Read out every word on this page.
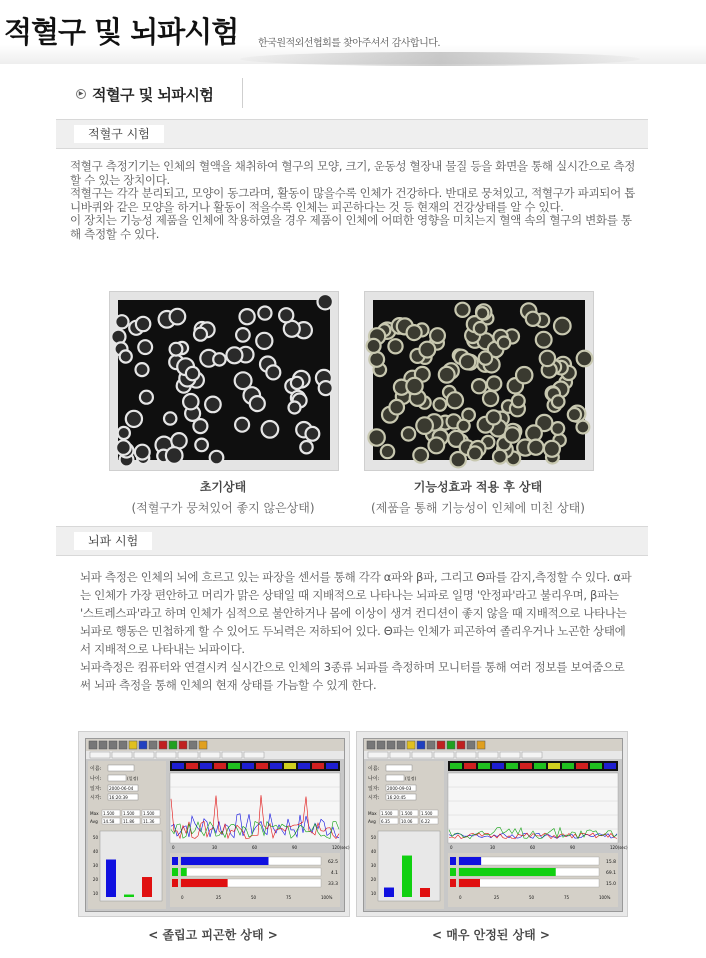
적혈구 및 뇌파시험 한국원적외선협회를 찾아주셔서 감사합니다.
▶ 적혈구 및 뇌파시험
적혈구 시험
적혈구 측정기기는 인체의 혈액을 채취하여 혈구의 모양, 크기, 운동성 혈장내 물질 등을 화면을 통해 실시간으로 측정할 수 있는 장치이다.
적혈구는 각각 분리되고, 모양이 동그라며, 활동이 많을수록 인체가 건강하다. 반대로 뭉쳐있고, 적혈구가 파괴되어 톱니바퀴와 같은 모양을 하거나 활동이 적을수록 인체는 피곤하다는 것 등 현재의 건강상태를 알 수 있다.
이 장치는 기능성 제품을 인체에 착용하였을 경우 제품이 인체에 어떠한 영향을 미치는지 혈액 속의 혈구의 변화를 통해 측정할 수 있다.
초기상태
(적혈구가 뭉쳐있어 좋지 않은상태)
기능성효과 적용 후 상태
(제품을 통해 기능성이 인체에 미친 상태)
뇌파 시험
뇌파 측정은 인체의 뇌에 흐르고 있는 파장을 센서를 통해 각각 α파와 β파, 그리고 Θ파를 감지,측정할 수 있다. α파는 인체가 가장 편안하고 머리가 맑은 상태일 때 지배적으로 나타나는 뇌파로 일명 '안정파'라고 불리우며, β파는 '스트레스파'라고 하며 인체가 심적으로 불안하거나 몸에 이상이 생겨 컨디션이 좋지 않을 때 지배적으로 나타나는 뇌파로 행동은 민첩하게 할 수 있어도 두뇌력은 저하되어 있다. Θ파는 인체가 피곤하여 졸리우거나 노곤한 상태에서 지배적으로 나타내는 뇌파이다.
뇌파측정은 컴퓨터와 연결시켜 실시간으로 인체의 3종류 뇌파를 측정하며 모니터를 통해 여러 정보를 보여줌으로써 뇌파 측정을 통해 인체의 현재 상태를 가늠할 수 있게 한다.
이름:
나이:	(일정)
일자: 2000-06-04
시각: 16:20:39
Max
Avg
1.500 1.500 1.500
14.58 11.86 11.36
50
40
30
20
10
0	30	60	90	120(sec)
62.5
4.1
33.3
0	25	50	75	100%
이름:
나이:	(일정)
일자: 2000-09-03
시각: 16:20:45
Max
Avg
1.500 1.500 1.500
6.35	10.06 6.22
50
40
30
20
10
0	30	60	90	120(sec)
15.8
69.1
15.0
0	25	50	75	100%
< 졸립고 피곤한 상태 >	< 매우 안정된 상태 >
